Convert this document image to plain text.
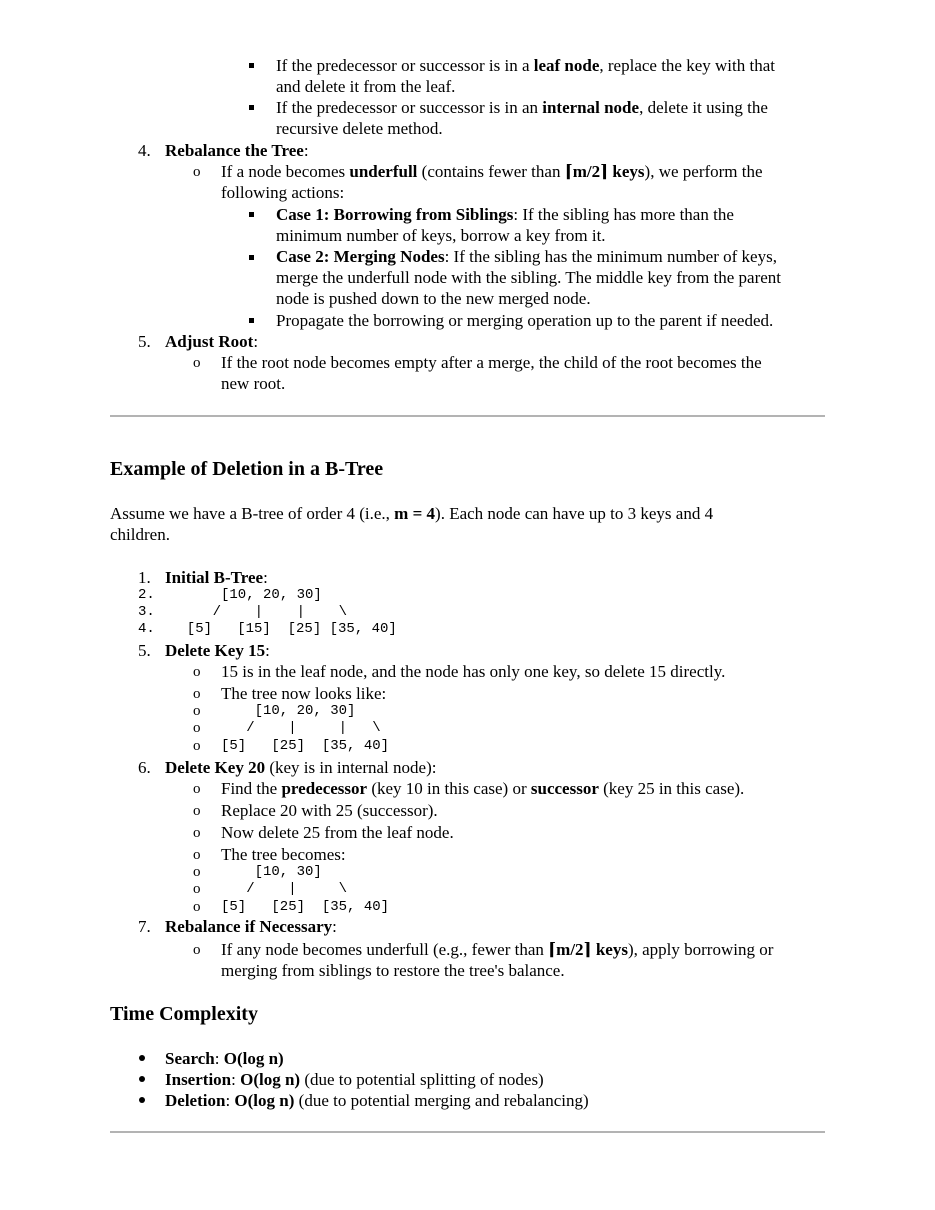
If the predecessor or successor is in a leaf node, replace the key with that
and delete it from the leaf.
If the predecessor or successor is in an internal node, delete it using the
recursive delete method.
4. Rebalance the Tree:
o If a node becomes underfull (contains fewer than ⌈m/2⌉ keys), we perform the
following actions:
Case 1: Borrowing from Siblings: If the sibling has more than the
minimum number of keys, borrow a key from it.
Case 2: Merging Nodes: If the sibling has the minimum number of keys,
merge the underfull node with the sibling. The middle key from the parent
node is pushed down to the new merged node.
Propagate the borrowing or merging operation up to the parent if needed.
5. Adjust Root:
o If the root node becomes empty after a merge, the child of the root becomes the
new root.
Example of Deletion in a B-Tree
Assume we have a B-tree of order 4 (i.e., m = 4). Each node can have up to 3 keys and 4
children.
1. Initial B-Tree:
2. [10, 20, 30]
3. /    |    |    \
4. [5]   [15]  [25] [35, 40]
5. Delete Key 15:
o 15 is in the leaf node, and the node has only one key, so delete 15 directly.
o The tree now looks like:
o [10, 20, 30]
o /    |     |   \
o [5]   [25]  [35, 40]
6. Delete Key 20 (key is in internal node):
o Find the predecessor (key 10 in this case) or successor (key 25 in this case).
o Replace 20 with 25 (successor).
o Now delete 25 from the leaf node.
o The tree becomes:
o [10, 30]
o /    |     \
o [5]   [25]  [35, 40]
7. Rebalance if Necessary:
o If any node becomes underfull (e.g., fewer than ⌈m/2⌉ keys), apply borrowing or
merging from siblings to restore the tree's balance.
Time Complexity
Search: O(log n)
Insertion: O(log n) (due to potential splitting of nodes)
Deletion: O(log n) (due to potential merging and rebalancing)
